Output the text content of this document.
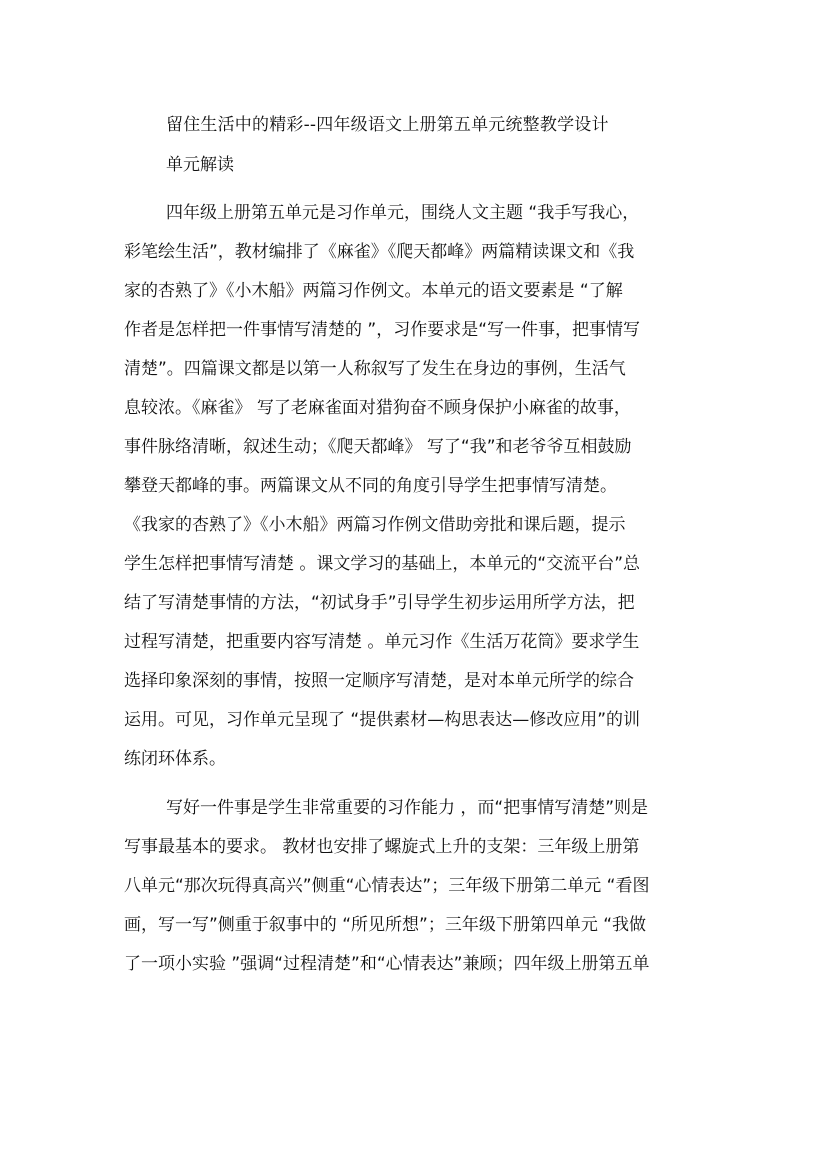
留住生活中的精彩--四年级语文上册第五单元统整教学设计
单元解读
四年级上册第五单元是习作单元，围绕人文主题 “我手写我心，
彩笔绘生活”，教材编排了《麻雀》《爬天都峰》两篇精读课文和《我
家的杏熟了》《小木船》两篇习作例文。本单元的语文要素是 “了解
作者是怎样把一件事情写清楚的 ”，习作要求是“写一件事，把事情写
清楚”。四篇课文都是以第一人称叙写了发生在身边的事例，生活气
息较浓。《麻雀》 写了老麻雀面对猎狗奋不顾身保护小麻雀的故事，
事件脉络清晰，叙述生动；《爬天都峰》 写了“我”和老爷爷互相鼓励
攀登天都峰的事。两篇课文从不同的角度引导学生把事情写清楚。
《我家的杏熟了》《小木船》两篇习作例文借助旁批和课后题，提示
学生怎样把事情写清楚 。课文学习的基础上，本单元的“交流平台”总
结了写清楚事情的方法，“初试身手”引导学生初步运用所学方法，把
过程写清楚，把重要内容写清楚 。单元习作《生活万花筒》要求学生
选择印象深刻的事情，按照一定顺序写清楚，是对本单元所学的综合
运用。可见，习作单元呈现了 “提供素材—构思表达—修改应用”的训
练闭环体系。
写好一件事是学生非常重要的习作能力 ，而“把事情写清楚”则是
写事最基本的要求。 教材也安排了螺旋式上升的支架：三年级上册第
八单元“那次玩得真高兴”侧重“心情表达”；三年级下册第二单元 “看图
画，写一写”侧重于叙事中的 “所见所想”；三年级下册第四单元 “我做
了一项小实验 ”强调“过程清楚”和“心情表达”兼顾；四年级上册第五单
